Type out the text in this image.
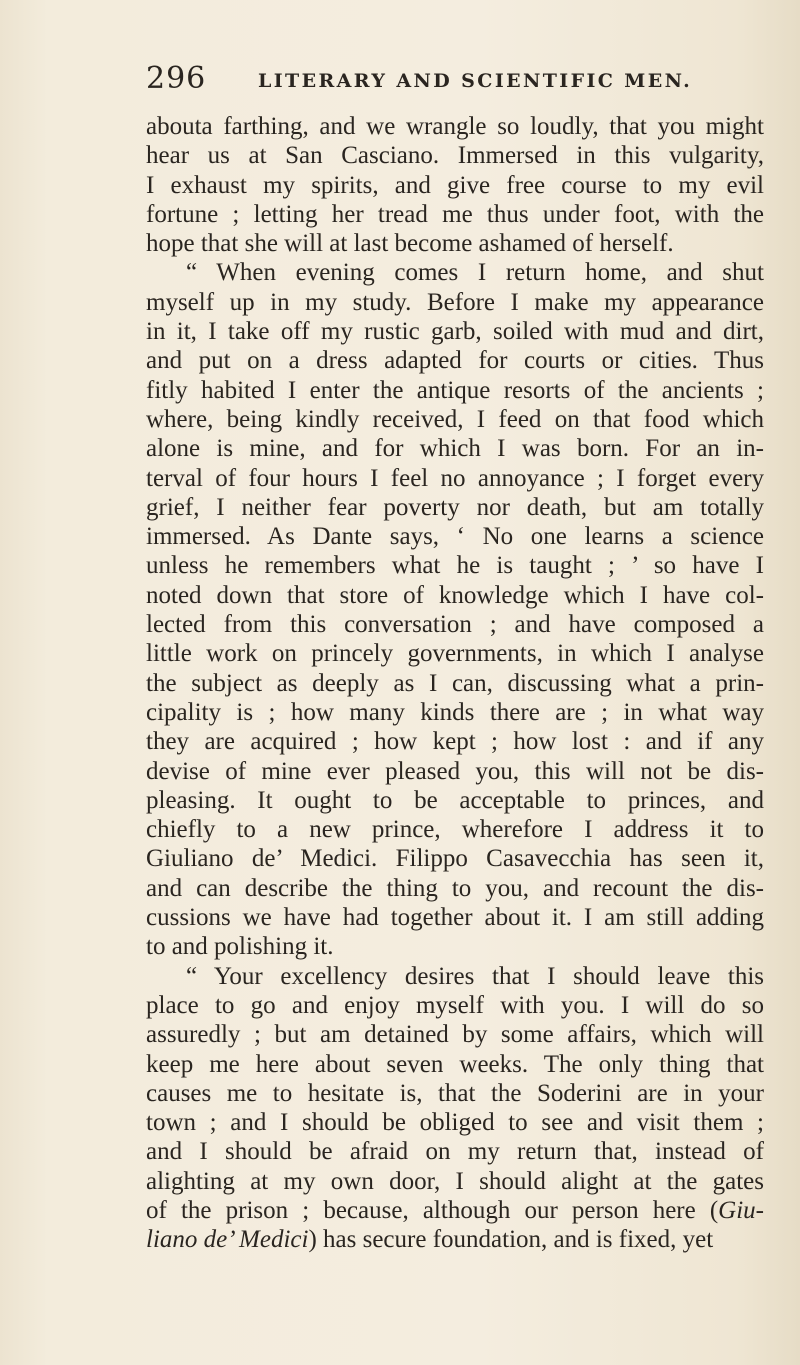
296	LITERARY AND SCIENTIFIC MEN.
abouta farthing, and we wrangle so loudly, that you might
hear us at San Casciano. Immersed in this vulgarity,
I exhaust my spirits, and give free course to my evil
fortune ; letting her tread me thus under foot, with the
hope that she will at last become ashamed of herself.
“ When evening comes I return home, and shut
myself up in my study. Before I make my appearance
in it, I take off my rustic garb, soiled with mud and dirt,
and put on a dress adapted for courts or cities. Thus
fitly habited I enter the antique resorts of the ancients ;
where, being kindly received, I feed on that food which
alone is mine, and for which I was born. For an in-
terval of four hours I feel no annoyance ; I forget every
grief, I neither fear poverty nor death, but am totally
immersed. As Dante says, ‘ No one learns a science
unless he remembers what he is taught ; ’ so have I
noted down that store of knowledge which I have col-
lected from this conversation ; and have composed a
little work on princely governments, in which I analyse
the subject as deeply as I can, discussing what a prin-
cipality is ; how many kinds there are ; in what way
they are acquired ; how kept ; how lost : and if any
devise of mine ever pleased you, this will not be dis-
pleasing. It ought to be acceptable to princes, and
chiefly to a new prince, wherefore I address it to
Giuliano de’ Medici. Filippo Casavecchia has seen it,
and can describe the thing to you, and recount the dis-
cussions we have had together about it. I am still adding
to and polishing it.
“ Your excellency desires that I should leave this
place to go and enjoy myself with you. I will do so
assuredly ; but am detained by some affairs, which will
keep me here about seven weeks. The only thing that
causes me to hesitate is, that the Soderini are in your
town ; and I should be obliged to see and visit them ;
and I should be afraid on my return that, instead of
alighting at my own door, I should alight at the gates
of the prison ; because, although our person here (Giu-
liano de’ Medici) has secure foundation, and is fixed, yet
